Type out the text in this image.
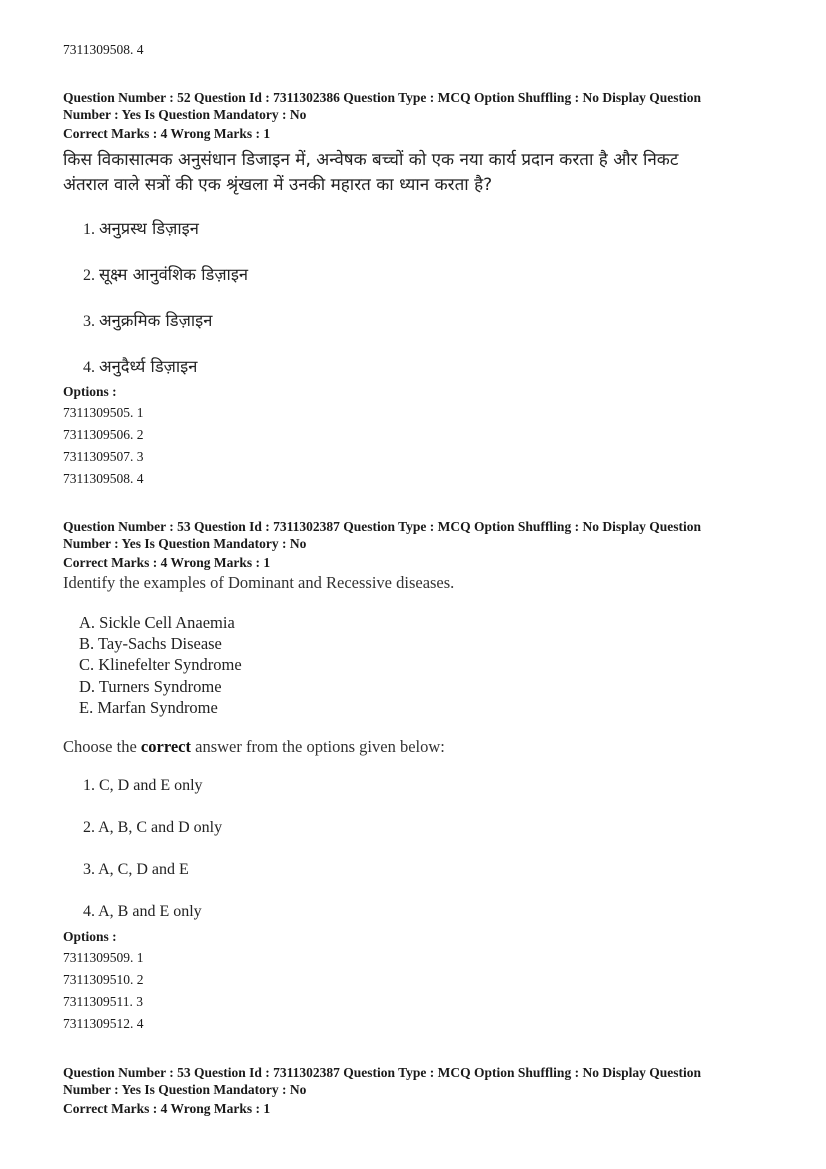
7311309508. 4
Question Number : 52 Question Id : 7311302386 Question Type : MCQ Option Shuffling : No Display Question
Number : Yes Is Question Mandatory : No
Correct Marks : 4 Wrong Marks : 1
किस विकासात्मक अनुसंधान डिजाइन में, अन्वेषक बच्चों को एक नया कार्य प्रदान करता है और निकट
अंतराल वाले सत्रों की एक श्रृंखला में उनकी महारत का ध्यान करता है?
1. अनुप्रस्थ डिज़ाइन
2. सूक्ष्म आनुवंशिक डिज़ाइन
3. अनुक्रमिक डिज़ाइन
4. अनुदैर्ध्य डिज़ाइन
Options :
7311309505. 1
7311309506. 2
7311309507. 3
7311309508. 4
Question Number : 53 Question Id : 7311302387 Question Type : MCQ Option Shuffling : No Display Question
Number : Yes Is Question Mandatory : No
Correct Marks : 4 Wrong Marks : 1
Identify the examples of Dominant and Recessive diseases.
A. Sickle Cell Anaemia
B. Tay-Sachs Disease
C. Klinefelter Syndrome
D. Turners Syndrome
E. Marfan Syndrome
Choose the correct answer from the options given below:
1. C, D and E only
2. A, B, C and D only
3. A, C, D and E
4. A, B and E only
Options :
7311309509. 1
7311309510. 2
7311309511. 3
7311309512. 4
Question Number : 53 Question Id : 7311302387 Question Type : MCQ Option Shuffling : No Display Question
Number : Yes Is Question Mandatory : No
Correct Marks : 4 Wrong Marks : 1
